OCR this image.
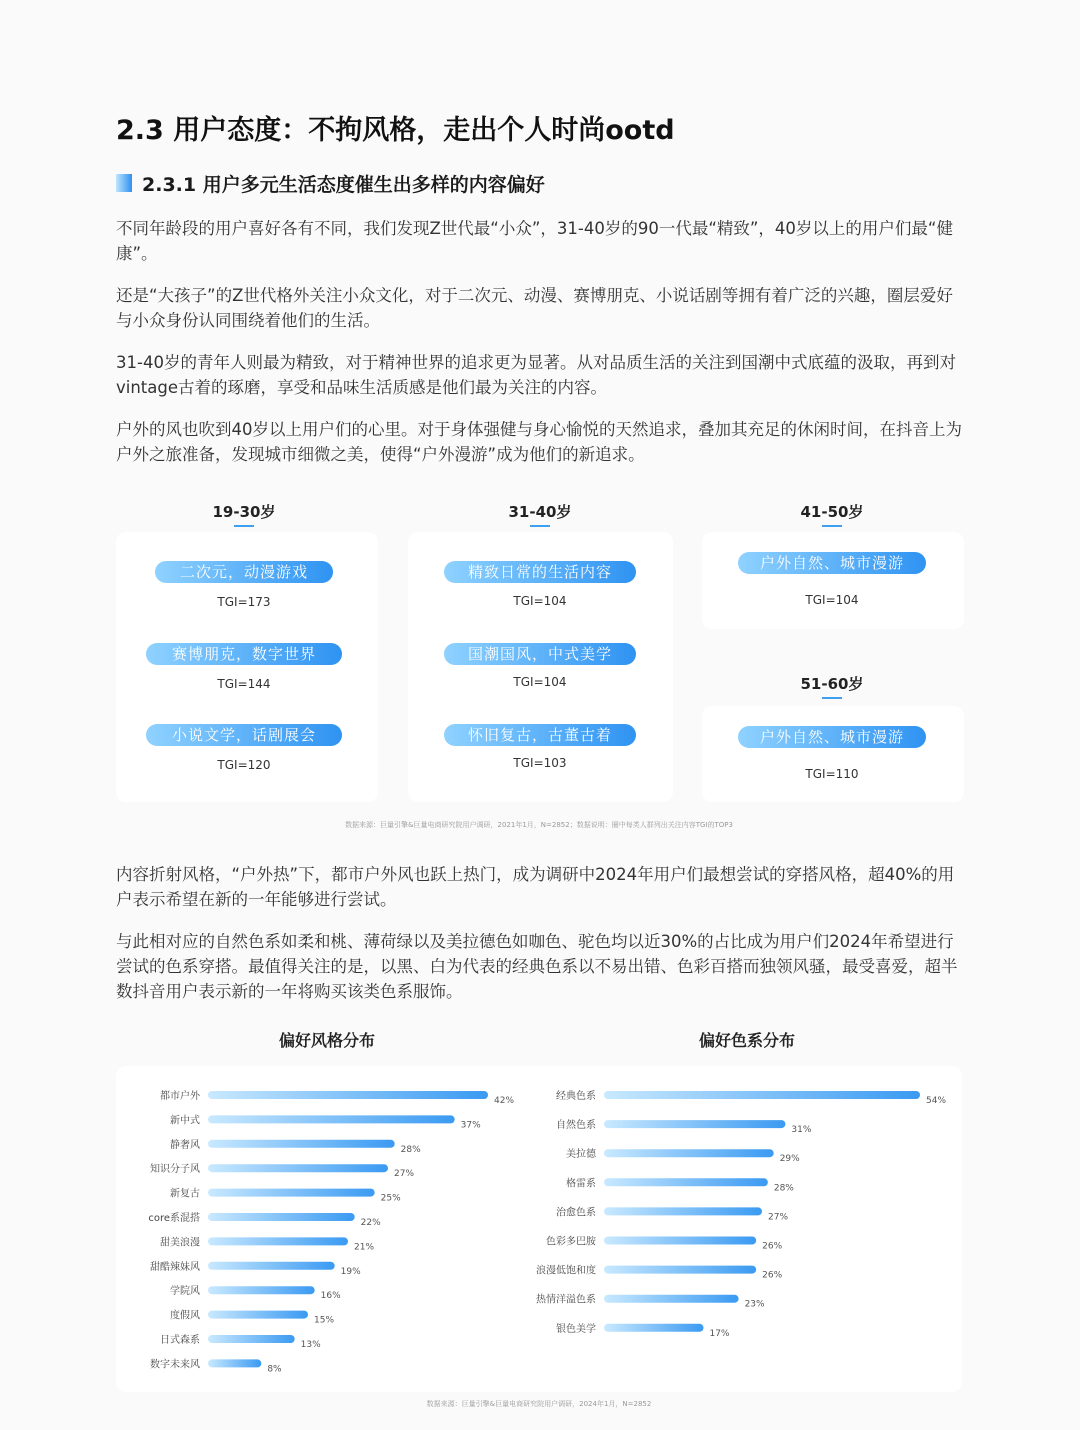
2.3 用户态度：不拘风格，走出个人时尚ootd
2.3.1 用户多元生活态度催生出多样的内容偏好
不同年龄段的用户喜好各有不同，我们发现Z世代最“小众”，31-40岁的90一代最“精致”，40岁以上的用户们最“健康”。
还是“大孩子”的Z世代格外关注小众文化，对于二次元、动漫、赛博朋克、小说话剧等拥有着广泛的兴趣，圈层爱好与小众身份认同围绕着他们的生活。
31-40岁的青年人则最为精致，对于精神世界的追求更为显著。从对品质生活的关注到国潮中式底蕴的汲取，再到对vintage古着的琢磨，享受和品味生活质感是他们最为关注的内容。
户外的风也吹到40岁以上用户们的心里。对于身体强健与身心愉悦的天然追求，叠加其充足的休闲时间，在抖音上为户外之旅准备，发现城市细微之美，使得“户外漫游”成为他们的新追求。
19-30岁	31-40岁	41-50岁
51-60岁
二次元，动漫游戏
TGI=173
赛博朋克，数字世界
TGI=144
小说文学，话剧展会
TGI=120
精致日常的生活内容
TGI=104
国潮国风，中式美学
TGI=104
怀旧复古，古董古着
TGI=103
户外自然、城市漫游
TGI=104
户外自然、城市漫游
TGI=110
数据来源：巨量引擎&巨量电商研究院用户调研，2021年1月，N=2852；数据说明：圈中每类人群列出关注内容TGI的TOP3
内容折射风格，“户外热”下，都市户外风也跃上热门，成为调研中2024年用户们最想尝试的穿搭风格，超40%的用户表示希望在新的一年能够进行尝试。
与此相对应的自然色系如柔和桃、薄荷绿以及美拉德色如咖色、驼色均以近30%的占比成为用户们2024年希望进行尝试的色系穿搭。最值得关注的是，以黑、白为代表的经典色系以不易出错、色彩百搭而独领风骚，最受喜爱，超半数抖音用户表示新的一年将购买该类色系服饰。
偏好风格分布	偏好色系分布
都市户外	42%
新中式	37%
静奢风	28%
知识分子风	27%
新复古	25%
core系混搭	22%
甜美浪漫	21%
甜酷辣妹风	19%
学院风	16%
度假风	15%
日式森系	13%
数字未来风	8%
经典色系	54%
自然色系	31%
美拉德	29%
格雷系	28%
治愈色系	27%
色彩多巴胺	26%
浪漫低饱和度	26%
热情洋溢色系	23%
银色美学	17%
数据来源：巨量引擎&巨量电商研究院用户调研，2024年1月，N=2852
